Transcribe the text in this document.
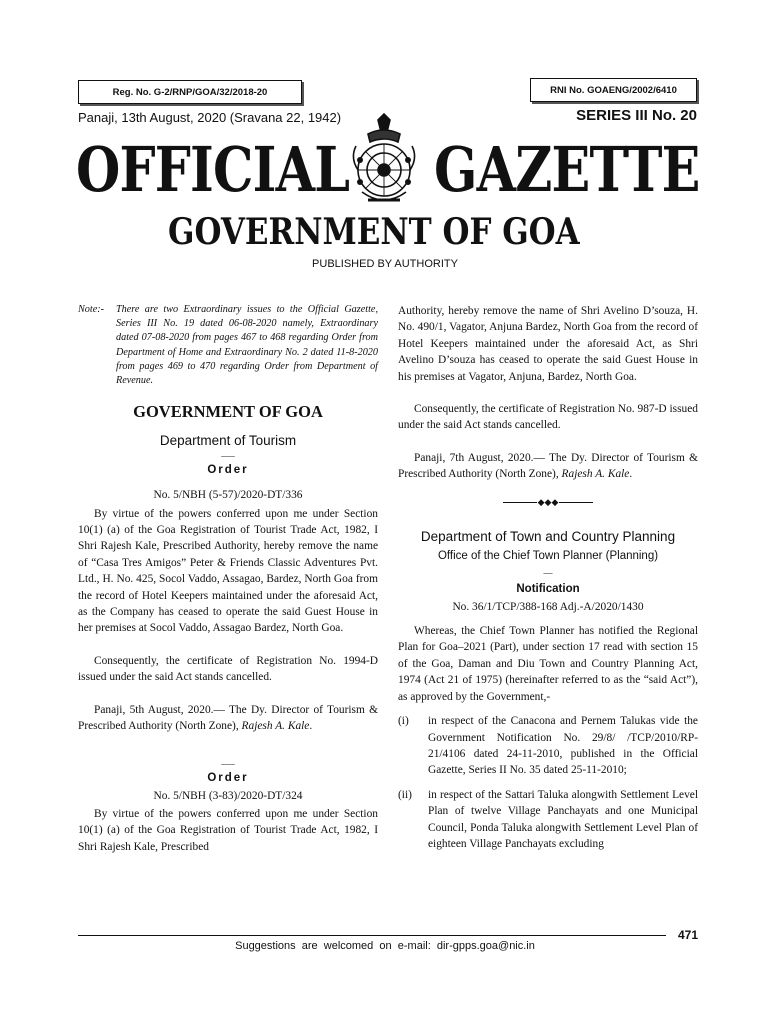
Reg. No. G-2/RNP/GOA/32/2018-20	RNI No. GOAENG/2002/6410
Panaji, 13th August, 2020 (Sravana 22, 1942)	SERIES III No. 20
OFFICIAL GAZETTE
GOVERNMENT OF GOA
PUBLISHED BY AUTHORITY
Note:-	There are two Extraordinary issues to the Official Gazette, Series III No. 19 dated 06-08-2020 namely, Extraordinary dated 07-08-2020 from pages 467 to 468 regarding Order from Department of Home and Extraordinary No. 2 dated 11-8-2020 from pages 469 to 470 regarding Order from Department of Revenue.
GOVERNMENT OF GOA
Department of Tourism
___
Order
No. 5/NBH (5-57)/2020-DT/336

By virtue of the powers conferred upon me under Section 10(1) (a) of the Goa Registration of Tourist Trade Act, 1982, I Shri Rajesh Kale, Prescribed Authority, hereby remove the name of “Casa Tres Amigos” Peter & Friends Classic Adventures Pvt. Ltd., H. No. 425, Socol Vaddo, Assagao, Bardez, North Goa from the record of Hotel Keepers maintained under the aforesaid Act, as the Company has ceased to operate the said Guest House in her premises at Socol Vaddo, Assagao Bardez, North Goa.

Consequently, the certificate of Registration No. 1994-D issued under the said Act stands cancelled.

Panaji, 5th August, 2020.— The Dy. Director of Tourism & Prescribed Authority (North Zone), Rajesh A. Kale.

___
Order
No. 5/NBH (3-83)/2020-DT/324

By virtue of the powers conferred upon me under Section 10(1) (a) of the Goa Registration of Tourist Trade Act, 1982, I Shri Rajesh Kale, Prescribed

Authority, hereby remove the name of Shri Avelino D’souza, H. No. 490/1, Vagator, Anjuna Bardez, North Goa from the record of Hotel Keepers maintained under the aforesaid Act, as Shri Avelino D’souza has ceased to operate the said Guest House in his premises at Vagator, Anjuna, Bardez, North Goa.

Consequently, the certificate of Registration No. 987-D issued under the said Act stands cancelled.

Panaji, 7th August, 2020.— The Dy. Director of Tourism & Prescribed Authority (North Zone), Rajesh A. Kale.

◆◆◆
Department of Town and Country Planning
Office of the Chief Town Planner (Planning)
__
Notification
No. 36/1/TCP/388-168 Adj.-A/2020/1430

Whereas, the Chief Town Planner has notified the Regional Plan for Goa–2021 (Part), under section 17 read with section 15 of the Goa, Daman and Diu Town and Country Planning Act, 1974 (Act 21 of 1975) (hereinafter referred to as the “said Act”), as approved by the Government,-

(i)	in respect of the Canacona and Pernem Talukas vide the Government Notification No. 29/8/ /TCP/2010/RP-21/4106 dated 24-11-2010, published in the Official Gazette, Series II No. 35 dated 25-11-2010;
(ii)	in respect of the Sattari Taluka alongwith Settlement Level Plan of twelve Village Panchayats and one Municipal Council, Ponda Taluka alongwith Settlement Level Plan of eighteen Village Panchayats excluding
471
Suggestions  are  welcomed  on  e-mail:  dir-gpps.goa@nic.in
